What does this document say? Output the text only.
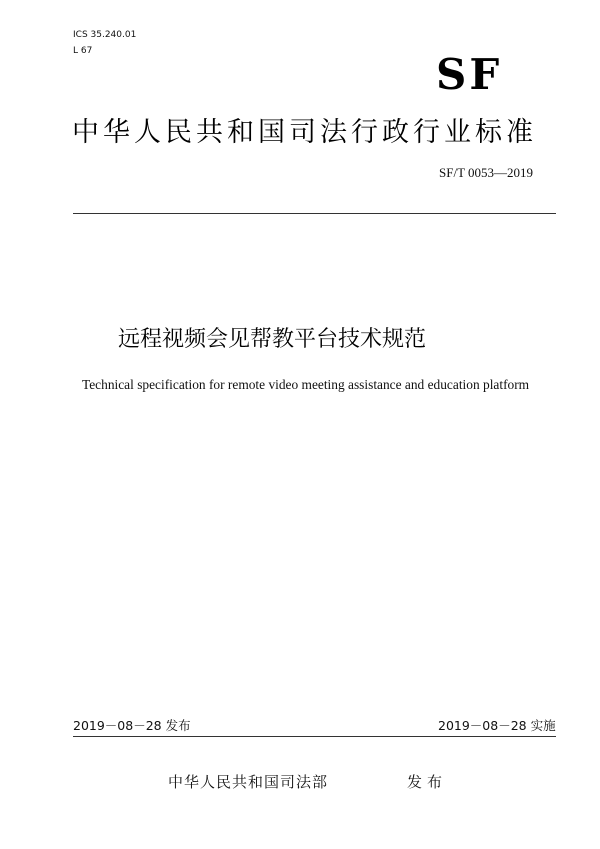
ICS 35.240.01
L 67	SF
中华人民共和国司法行政行业标准
SF/T 0053—2019
远程视频会见帮教平台技术规范
Technical specification for remote video meeting assistance and education platform
2019－08－28 发布	2019－08－28 实施
中华人民共和国司法部	发布
